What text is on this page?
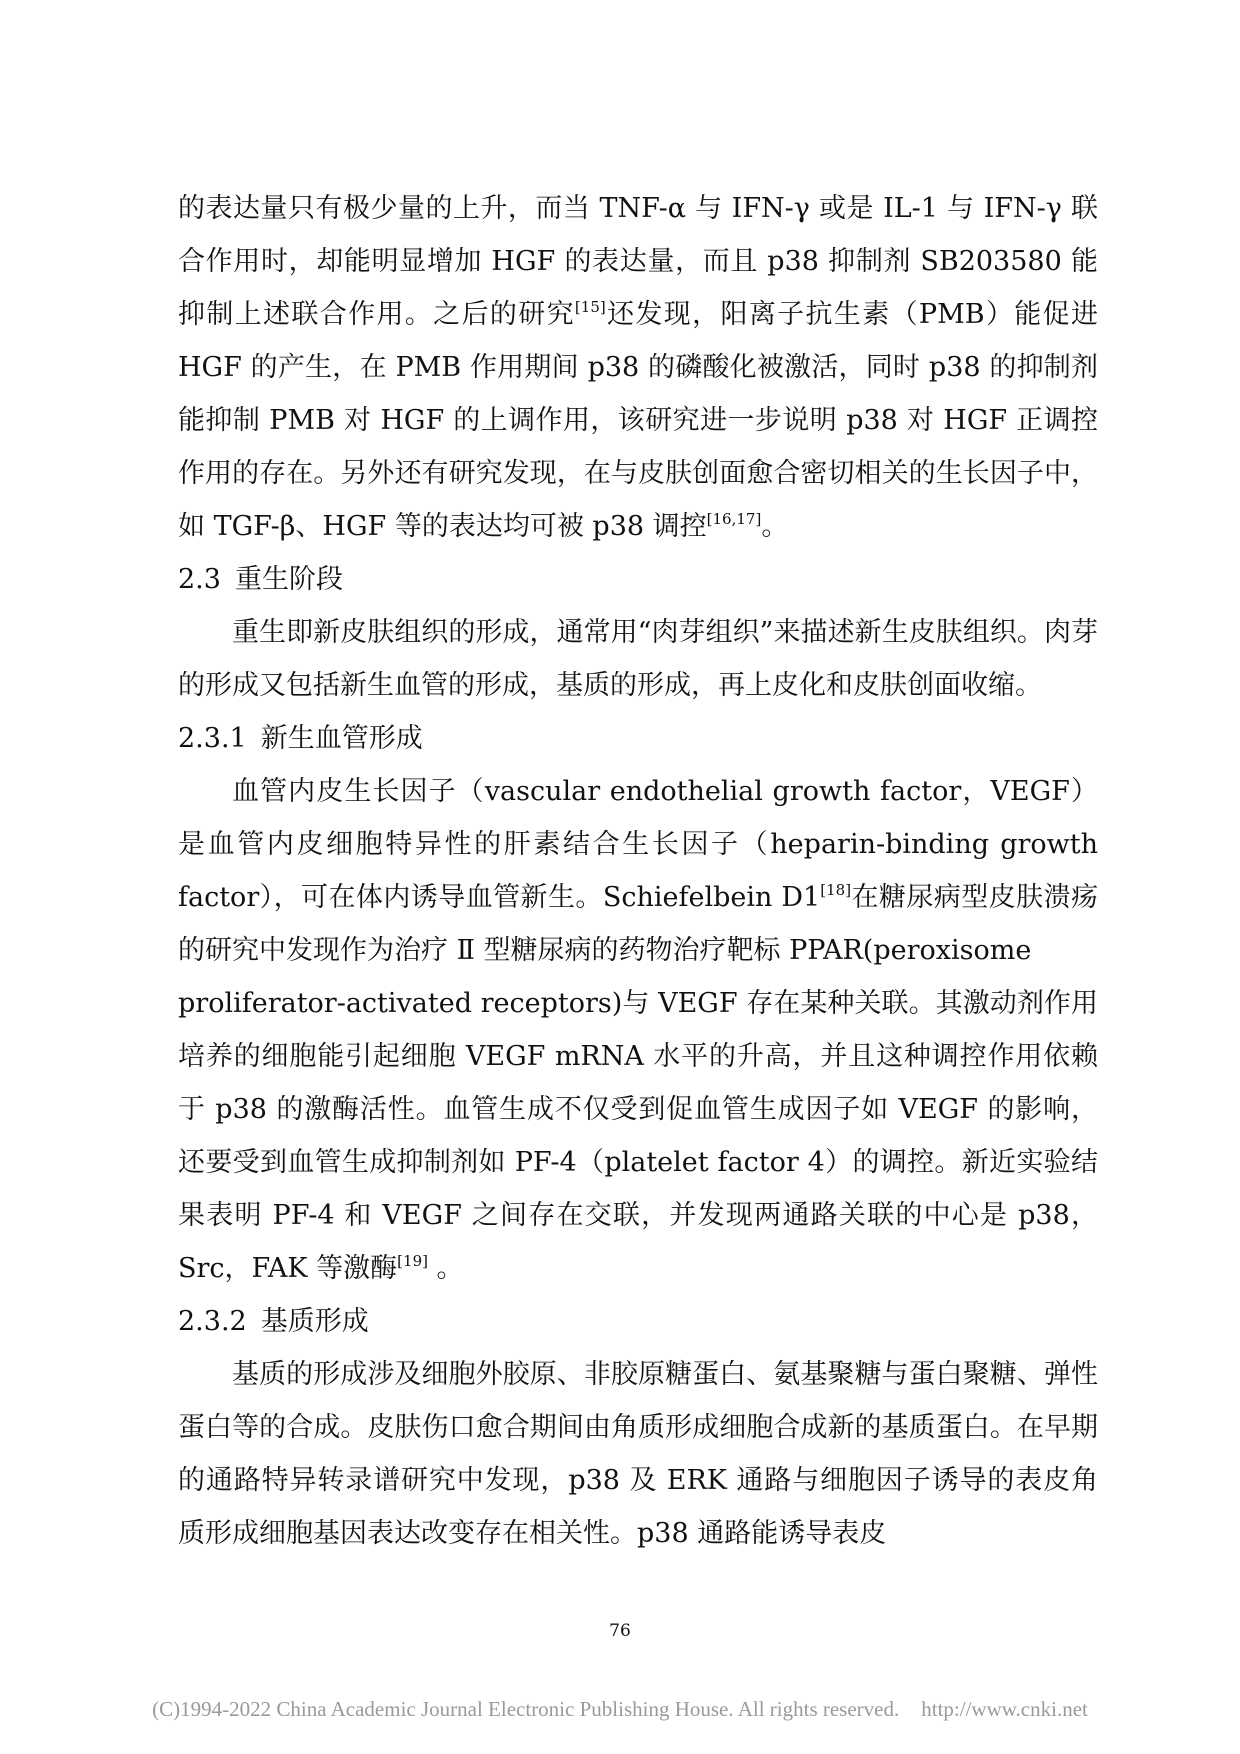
的表达量只有极少量的上升，而当 TNF-α 与 IFN-γ 或是 IL-1 与 IFN-γ 联合作用时，却能明显增加 HGF 的表达量，而且 p38 抑制剂 SB203580 能抑制上述联合作用。之后的研究[15]还发现，阳离子抗生素（PMB）能促进 HGF 的产生，在 PMB 作用期间 p38 的磷酸化被激活，同时 p38 的抑制剂能抑制 PMB 对 HGF 的上调作用，该研究进一步说明 p38 对 HGF 正调控作用的存在。另外还有研究发现，在与皮肤创面愈合密切相关的生长因子中，如 TGF-β、HGF 等的表达均可被 p38 调控[16,17]。

2.3 重生阶段

重生即新皮肤组织的形成，通常用“肉芽组织”来描述新生皮肤组织。肉芽的形成又包括新生血管的形成，基质的形成，再上皮化和皮肤创面收缩。

2.3.1 新生血管形成

血管内皮生长因子（vascular endothelial growth factor，VEGF）是血管内皮细胞特异性的肝素结合生长因子（heparin-binding growth factor），可在体内诱导血管新生。Schiefelbein D1[18]在糖尿病型皮肤溃疡的研究中发现作为治疗 Ⅱ 型糖尿病的药物治疗靶标 PPAR(peroxisome

proliferator-activated receptors)与 VEGF 存在某种关联。其激动剂作用培养的细胞能引起细胞 VEGF mRNA 水平的升高，并且这种调控作用依赖于 p38 的激酶活性。血管生成不仅受到促血管生成因子如 VEGF 的影响，还要受到血管生成抑制剂如 PF-4（platelet factor 4）的调控。新近实验结果表明 PF-4 和 VEGF 之间存在交联，并发现两通路关联的中心是 p38，Src，FAK 等激酶[19] 。

2.3.2 基质形成

基质的形成涉及细胞外胶原、非胶原糖蛋白、氨基聚糖与蛋白聚糖、弹性蛋白等的合成。皮肤伤口愈合期间由角质形成细胞合成新的基质蛋白。在早期的通路特异转录谱研究中发现，p38 及 ERK 通路与细胞因子诱导的表皮角质形成细胞基因表达改变存在相关性。p38 通路能诱导表皮

76
(C)1994-2022 China Academic Journal Electronic Publishing House. All rights reserved. http://www.cnki.net
